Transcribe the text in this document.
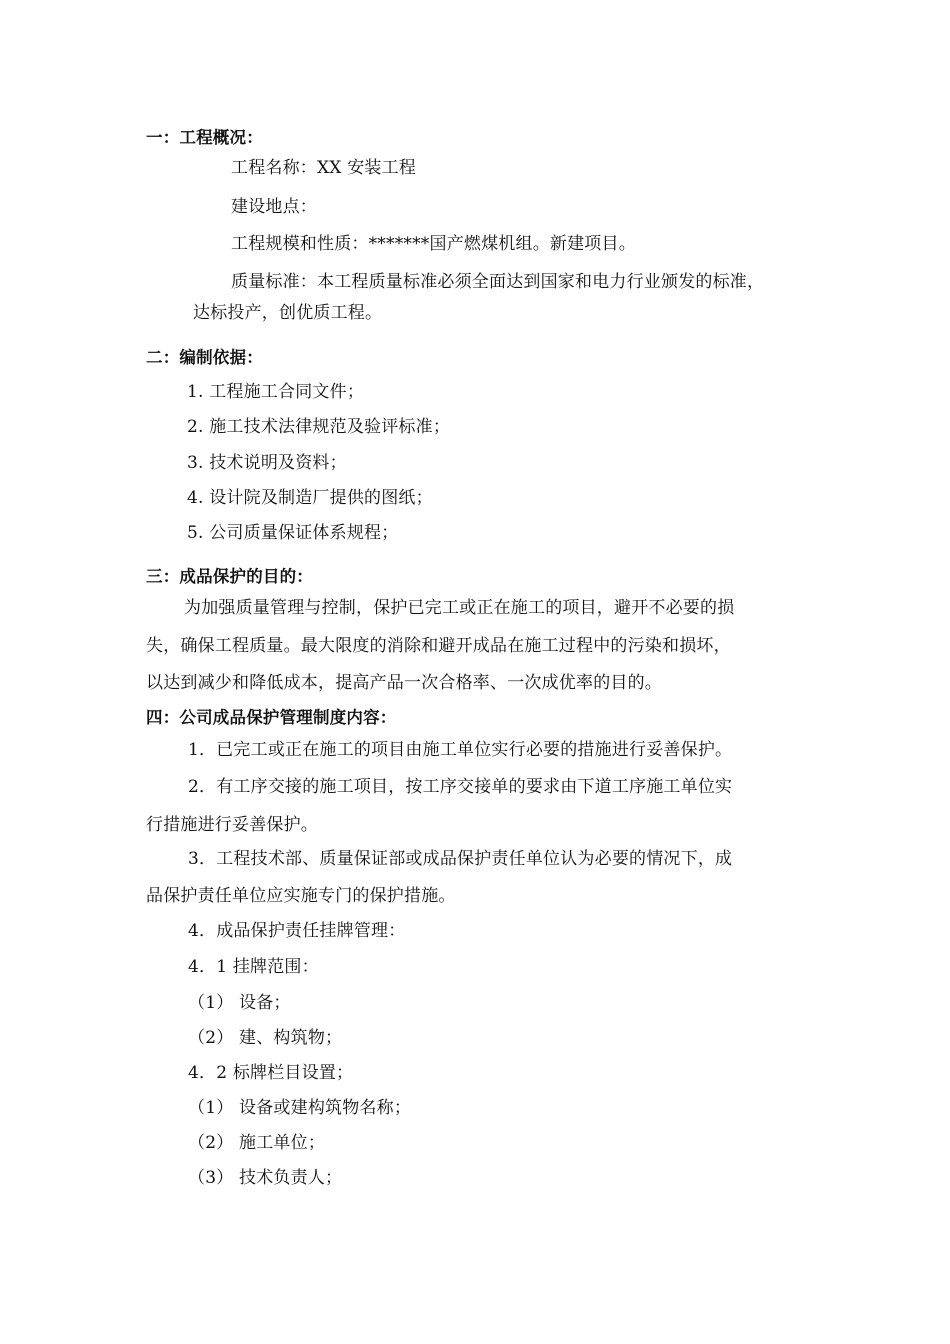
一：工程概况：
工程名称：XX 安装工程
建设地点：
工程规模和性质：*******国产燃煤机组。新建项目。
质量标准：本工程质量标准必须全面达到国家和电力行业颁发的标准，
达标投产，创优质工程。
二：编制依据：
1. 工程施工合同文件；
2. 施工技术法律规范及验评标准；
3. 技术说明及资料；
4. 设计院及制造厂提供的图纸；
5. 公司质量保证体系规程；
三：成品保护的目的：
为加强质量管理与控制，保护已完工或正在施工的项目，避开不必要的损
失，确保工程质量。最大限度的消除和避开成品在施工过程中的污染和损坏，
以达到减少和降低成本，提高产品一次合格率、一次成优率的目的。
四：公司成品保护管理制度内容：
1．已完工或正在施工的项目由施工单位实行必要的措施进行妥善保护。
2．有工序交接的施工项目，按工序交接单的要求由下道工序施工单位实
行措施进行妥善保护。
3．工程技术部、质量保证部或成品保护责任单位认为必要的情况下，成
品保护责任单位应实施专门的保护措施。
4．成品保护责任挂牌管理：
4．1 挂牌范围：
（1） 设备；
（2） 建、构筑物；
4．2 标牌栏目设置；
（1） 设备或建构筑物名称；
（2） 施工单位；
（3） 技术负责人；
